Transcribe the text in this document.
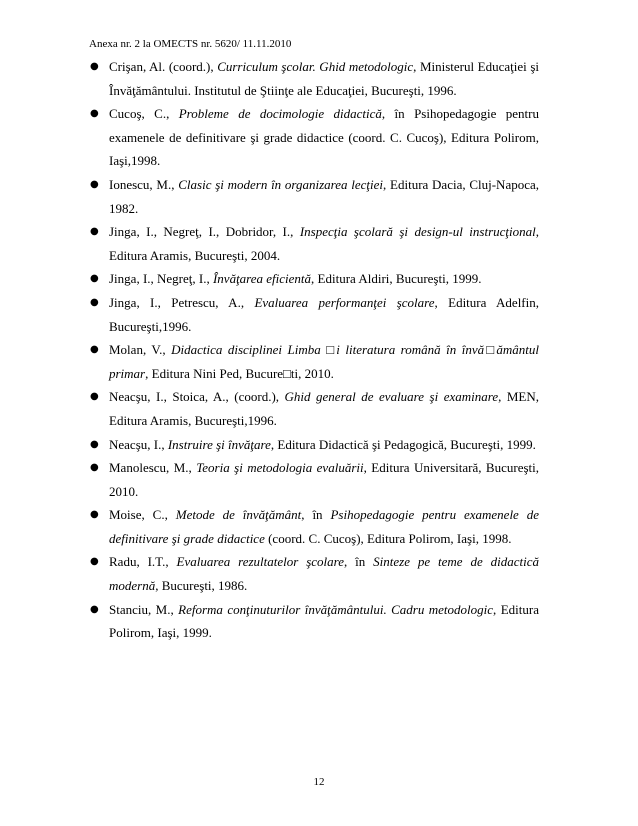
Anexa nr. 2 la OMECTS nr. 5620/ 11.11.2010
● Crişan, Al. (coord.), Curriculum şcolar. Ghid metodologic, Ministerul Educaţiei şi Învăţământului. Institutul de Ştiinţe ale Educaţiei, Bucureşti, 1996.
● Cucoş, C., Probleme de docimologie didactică, în Psihopedagogie pentru examenele de definitivare şi grade didactice (coord. C. Cucoş), Editura Polirom, Iaşi,1998.
● Ionescu, M., Clasic şi modern în organizarea lecţiei, Editura Dacia, Cluj-Napoca, 1982.
● Jinga, I., Negreţ, I., Dobridor, I., Inspecţia şcolară şi design-ul instrucţional, Editura Aramis, Bucureşti, 2004.
● Jinga, I., Negreţ, I., Învăţarea eficientă, Editura Aldiri, Bucureşti, 1999.
● Jinga, I., Petrescu, A., Evaluarea performanţei şcolare, Editura Adelfin, Bucureşti,1996.
● Molan, V., Didactica disciplinei Limba □i literatura română în învă□ământul primar, Editura Nini Ped, Bucure□ti, 2010.
● Neacşu, I., Stoica, A., (coord.), Ghid general de evaluare şi examinare, MEN, Editura Aramis, Bucureşti,1996.
● Neacşu, I., Instruire şi învăţare, Editura Didactică şi Pedagogică, Bucureşti, 1999.
● Manolescu, M., Teoria şi metodologia evaluării, Editura Universitară, Bucureşti, 2010.
● Moise, C., Metode de învăţământ, în Psihopedagogie pentru examenele de definitivare şi grade didactice (coord. C. Cucoş), Editura Polirom, Iaşi, 1998.
● Radu, I.T., Evaluarea rezultatelor şcolare, în Sinteze pe teme de didactică modernă, Bucureşti, 1986.
● Stanciu, M., Reforma conţinuturilor învăţământului. Cadru metodologic, Editura Polirom, Iaşi, 1999.
12
